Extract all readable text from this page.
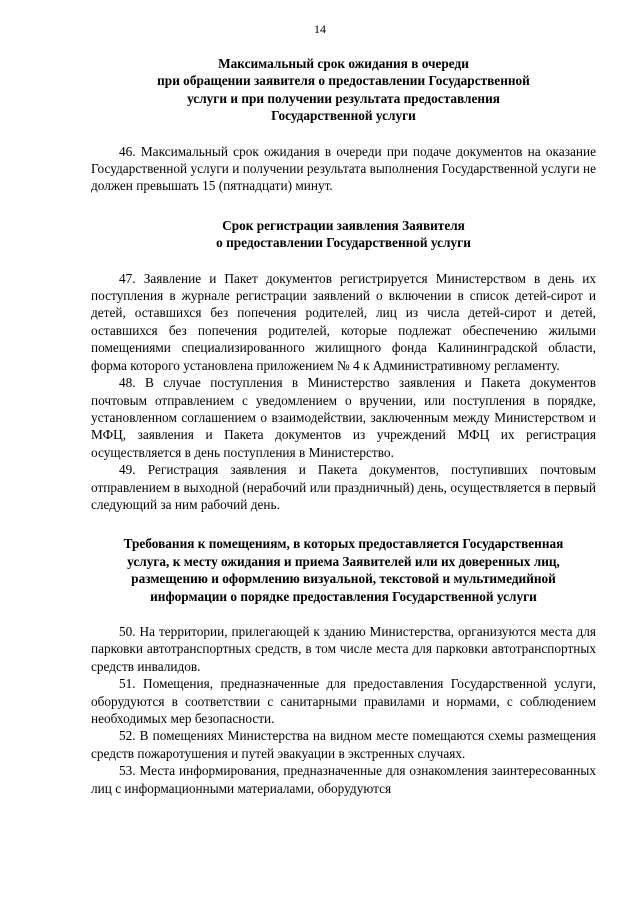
14
Максимальный срок ожидания в очереди
при обращении заявителя о предоставлении Государственной
услуги и при получении результата предоставления
Государственной услуги

46. Максимальный срок ожидания в очереди при подаче документов на оказание Государственной услуги и получении результата выполнения Государственной услуги не должен превышать 15 (пятнадцати) минут.

Срок регистрации заявления Заявителя
о предоставлении Государственной услуги

47. Заявление и Пакет документов регистрируется Министерством в день их поступления в журнале регистрации заявлений о включении в список детей-сирот и детей, оставшихся без попечения родителей, лиц из числа детей-сирот и детей, оставшихся без попечения родителей, которые подлежат обеспечению жилыми помещениями специализированного жилищного фонда Калининградской области, форма которого установлена приложением № 4 к Административному регламенту.

48. В случае поступления в Министерство заявления и Пакета документов почтовым отправлением с уведомлением о вручении, или поступления в порядке, установленном соглашением о взаимодействии, заключенным между Министерством и МФЦ, заявления и Пакета документов из учреждений МФЦ их регистрация осуществляется в день поступления в Министерство.

49. Регистрация заявления и Пакета документов, поступивших почтовым отправлением в выходной (нерабочий или праздничный) день, осуществляется в первый следующий за ним рабочий день.

Требования к помещениям, в которых предоставляется Государственная
услуга, к месту ожидания и приема Заявителей или их доверенных лиц,
размещению и оформлению визуальной, текстовой и мультимедийной
информации о порядке предоставления Государственной услуги

50. На территории, прилегающей к зданию Министерства, организуются места для парковки автотранспортных средств, в том числе места для парковки автотранспортных средств инвалидов.

51. Помещения, предназначенные для предоставления Государственной услуги, оборудуются в соответствии с санитарными правилами и нормами, с соблюдением необходимых мер безопасности.

52. В помещениях Министерства на видном месте помещаются схемы размещения средств пожаротушения и путей эвакуации в экстренных случаях.

53. Места информирования, предназначенные для ознакомления заинтересованных лиц с информационными материалами, оборудуются
